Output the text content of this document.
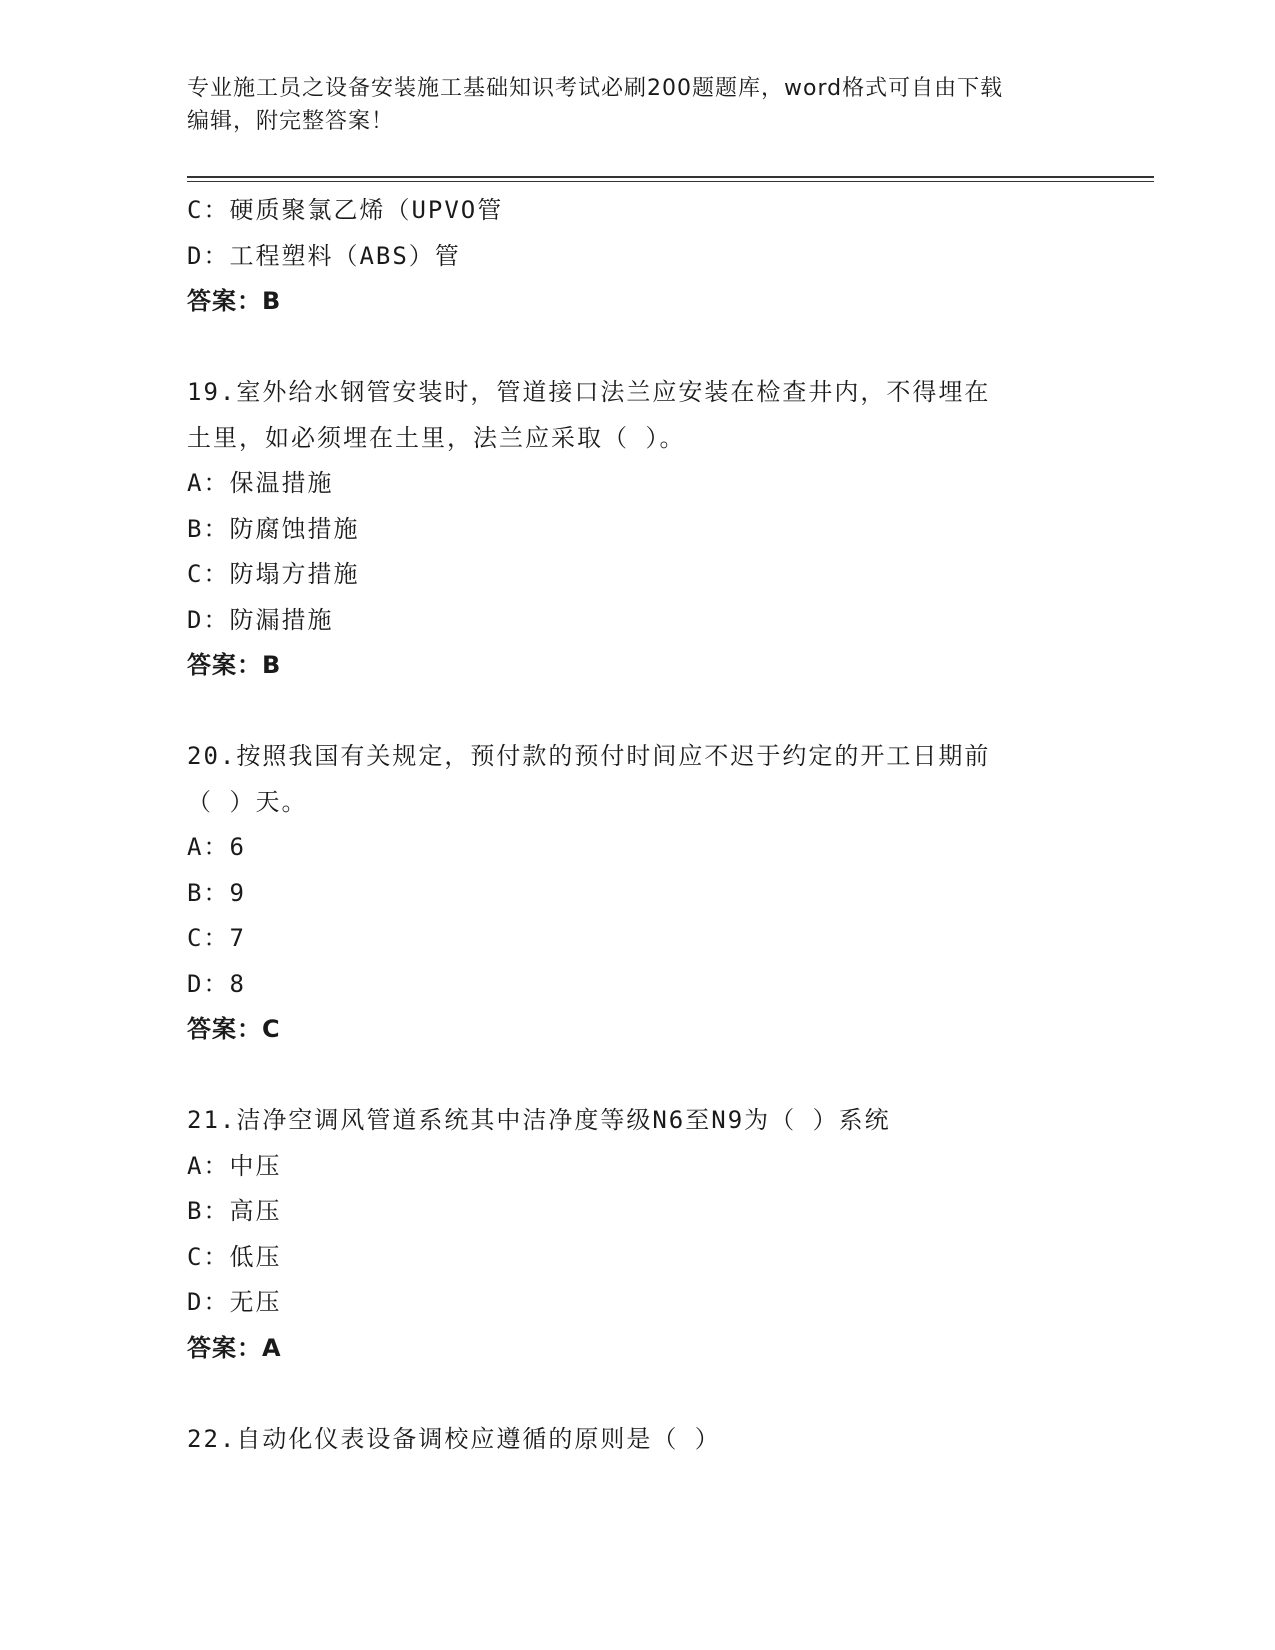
专业施工员之设备安装施工基础知识考试必刷200题题库，word格式可自由下载
编辑，附完整答案！
C：硬质聚氯乙烯（UPVO管
D：工程塑料（ABS）管
答案：B
19.室外给水钢管安装时，管道接口法兰应安装在检查井内，不得埋在
土里，如必须埋在土里，法兰应采取（ ）。
A：保温措施
B：防腐蚀措施
C：防塌方措施
D：防漏措施
答案：B
20.按照我国有关规定，预付款的预付时间应不迟于约定的开工日期前
（ ）天。
A：6
B：9
C：7
D：8
答案：C
21.洁净空调风管道系统其中洁净度等级N6至N9为（ ）系统
A：中压
B：高压
C：低压
D：无压
答案：A
22.自动化仪表设备调校应遵循的原则是（ ）
